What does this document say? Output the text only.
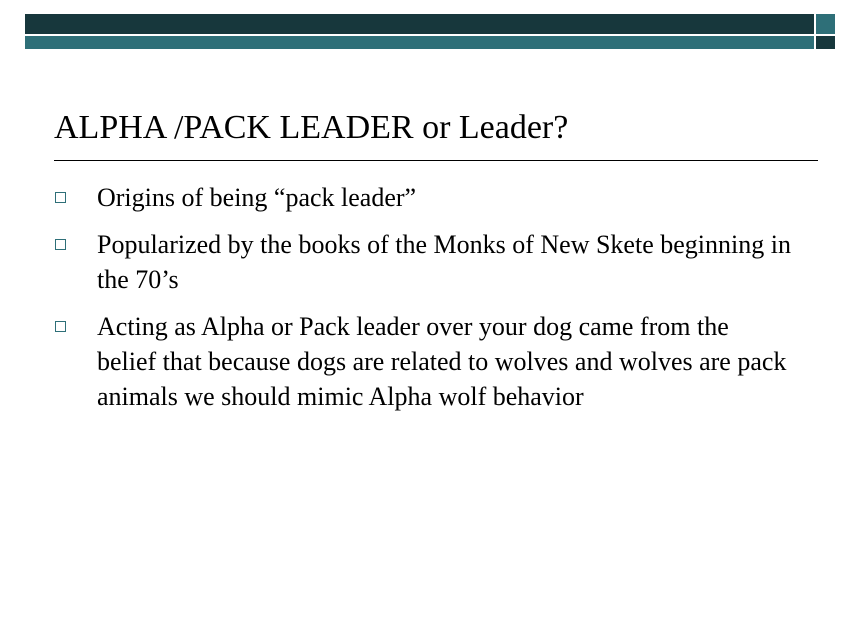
ALPHA /PACK LEADER or Leader?
Origins of being “pack leader”
Popularized by the books of the Monks of New Skete beginning in the 70’s
Acting as Alpha or Pack leader over your dog came from the belief that because dogs are related to wolves and wolves are pack animals we should mimic Alpha wolf behavior
